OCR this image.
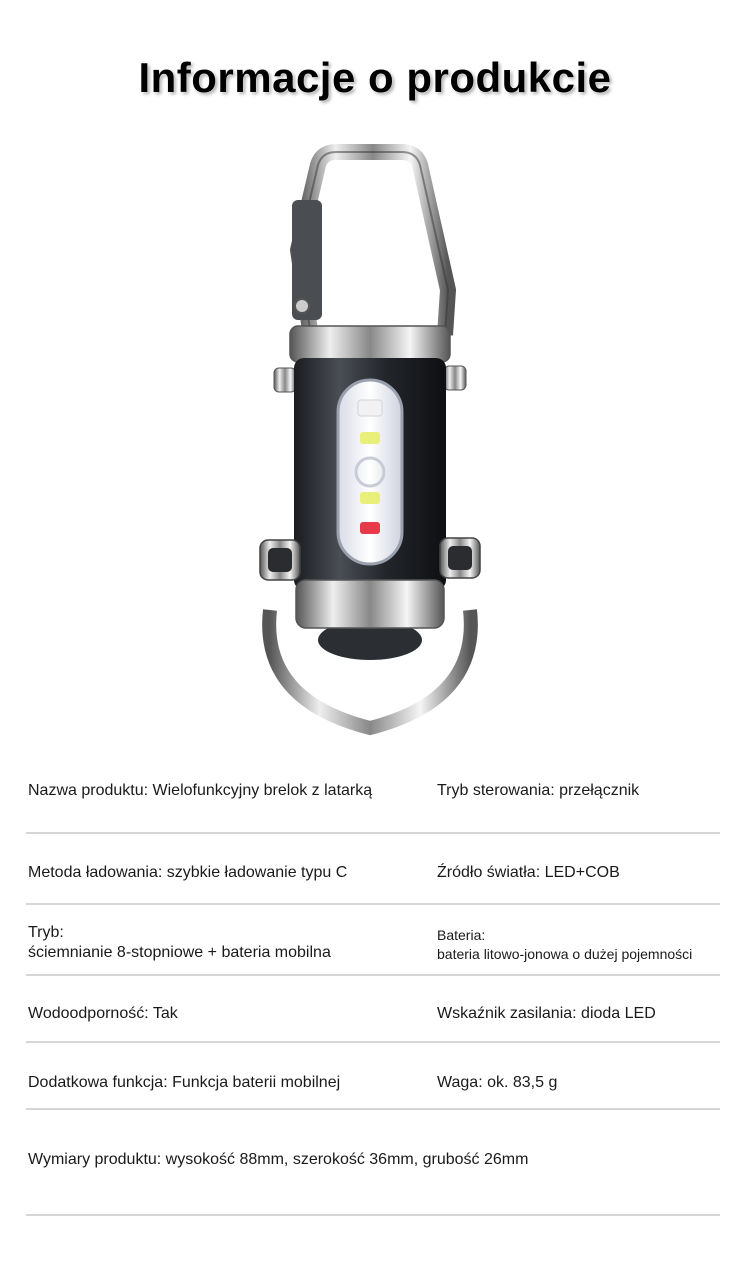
Informacje o produkcie
Nazwa produktu: Wielofunkcyjny brelok z latarką	Tryb sterowania: przełącznik
Metoda ładowania: szybkie ładowanie typu C	Źródło światła: LED+COB
Tryb:
ściemnianie 8-stopniowe + bateria mobilna
Bateria:
bateria litowo-jonowa o dużej pojemności
Wodoodporność: Tak	Wskaźnik zasilania: dioda LED
Dodatkowa funkcja: Funkcja baterii mobilnej	Waga: ok. 83,5 g
Wymiary produktu: wysokość 88mm, szerokość 36mm, grubość 26mm
